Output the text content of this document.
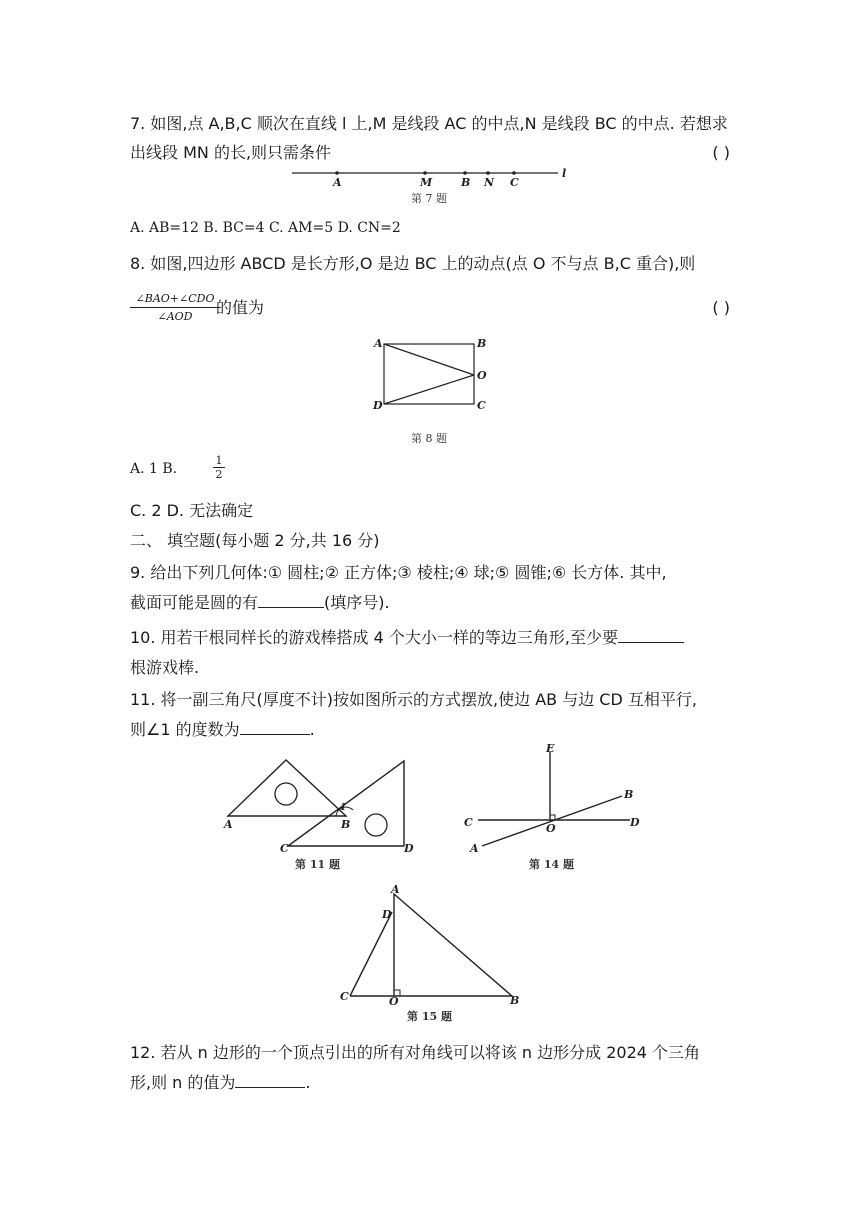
7. 如图,点 A,B,C 顺次在直线 l 上,M 是线段 AC 的中点,N 是线段 BC 的中点. 若想求
出线段 MN 的长,则只需条件	( )
A	M	B N C
l
第 7 题
A. AB=12 B. BC=4 C. AM=5 D. CN=2
8. 如图,四边形 ABCD 是长方形,O 是边 BC 上的动点(点 O 不与点 B,C 重合),则
∠BAO+∠CDO
∠AOD	的值为	( )
A	B
O
D	C
第 8 题
A. 1 B.	$\frac{1}{2}$
C. 2 D. 无法确定
二、 填空题(每小题 2 分,共 16 分)
9. 给出下列几何体:① 圆柱;② 正方体;③ 棱柱;④ 球;⑤ 圆锥;⑥ 长方体. 其中,
截面可能是圆的有	(填序号).
10. 用若干根同样长的游戏棒搭成 4 个大小一样的等边三角形,至少要
根游戏棒.
11. 将一副三角尺(厚度不计)按如图所示的方式摆放,使边 AB 与边 CD 互相平行,
则∠1 的度数为	.
A
1
B
C	D
第 11 题
E
B
C	O	D
A
第 14 题
A
D
C	O	B
第 15 题
12. 若从 n 边形的一个顶点引出的所有对角线可以将该 n 边形分成 2024 个三角
形,则 n 的值为	.
